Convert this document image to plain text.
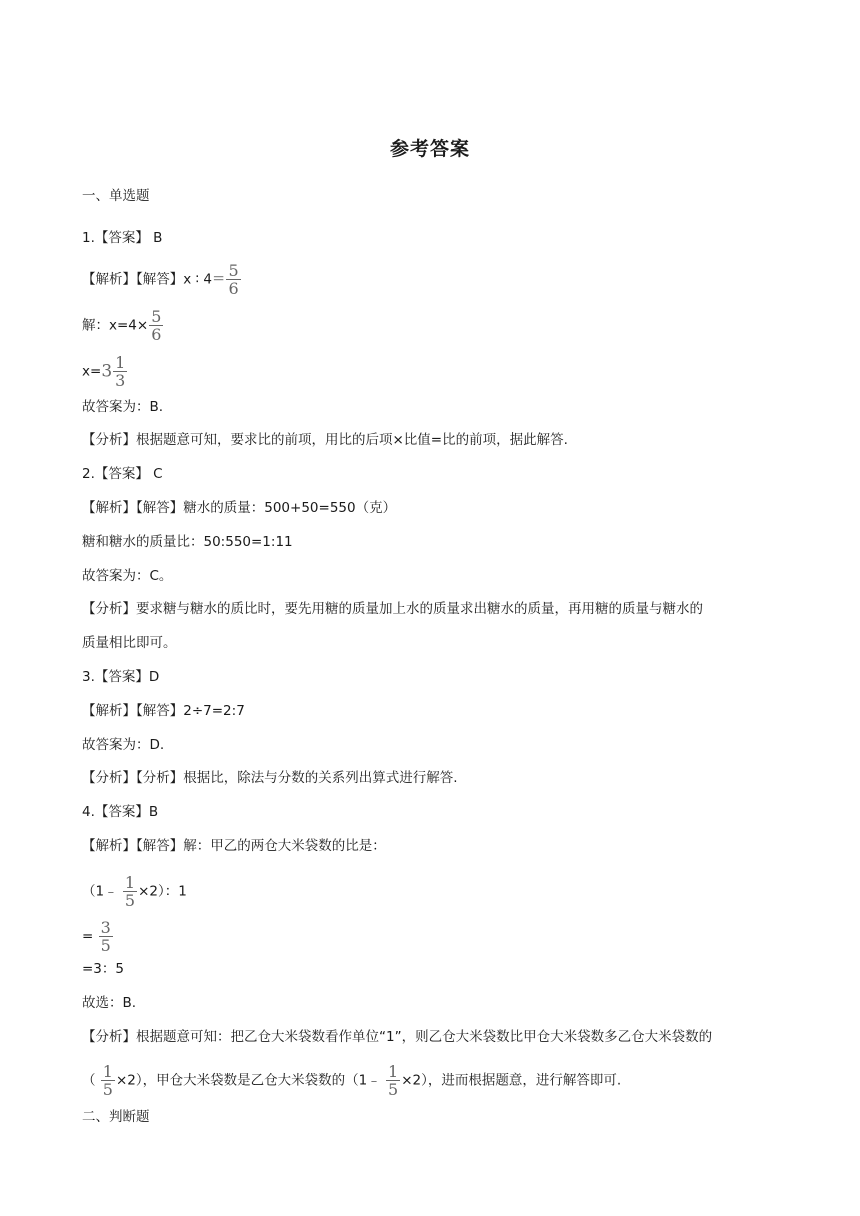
参考答案
一、单选题
1.【答案】 B
【解析】【解答】x ∶ $4= \frac{5}{6}$
解：$x=4\times \frac{5}{6}$
$x=3 \frac{1}{3}$
故答案为：B.
【分析】根据题意可知，要求比的前项，用比的后项×比值=比的前项，据此解答.
2.【答案】 C
【解析】【解答】糖水的质量：500+50=550（克）
糖和糖水的质量比：50:550=1:11
故答案为：C。
【分析】要求糖与糖水的质比时，要先用糖的质量加上水的质量求出糖水的质量，再用糖的质量与糖水的
质量相比即可。
3.【答案】D
【解析】【解答】2÷7=2:7
故答案为：D.
【分析】【分析】根据比，除法与分数的关系列出算式进行解答.
4.【答案】B
【解析】【解答】解：甲乙的两仓大米袋数的比是：
（1﹣ $\frac{1}{5} \times 2$）：1
= $\frac{3}{5}$
=3：5
故选：B.
【分析】根据题意可知：把乙仓大米袋数看作单位“1”，则乙仓大米袋数比甲仓大米袋数多乙仓大米袋数的
（ $\frac{1}{5} \times 2$），甲仓大米袋数是乙仓大米袋数的（1﹣ $\frac{1}{5} \times 2$），进而根据题意，进行解答即可.
二、判断题
